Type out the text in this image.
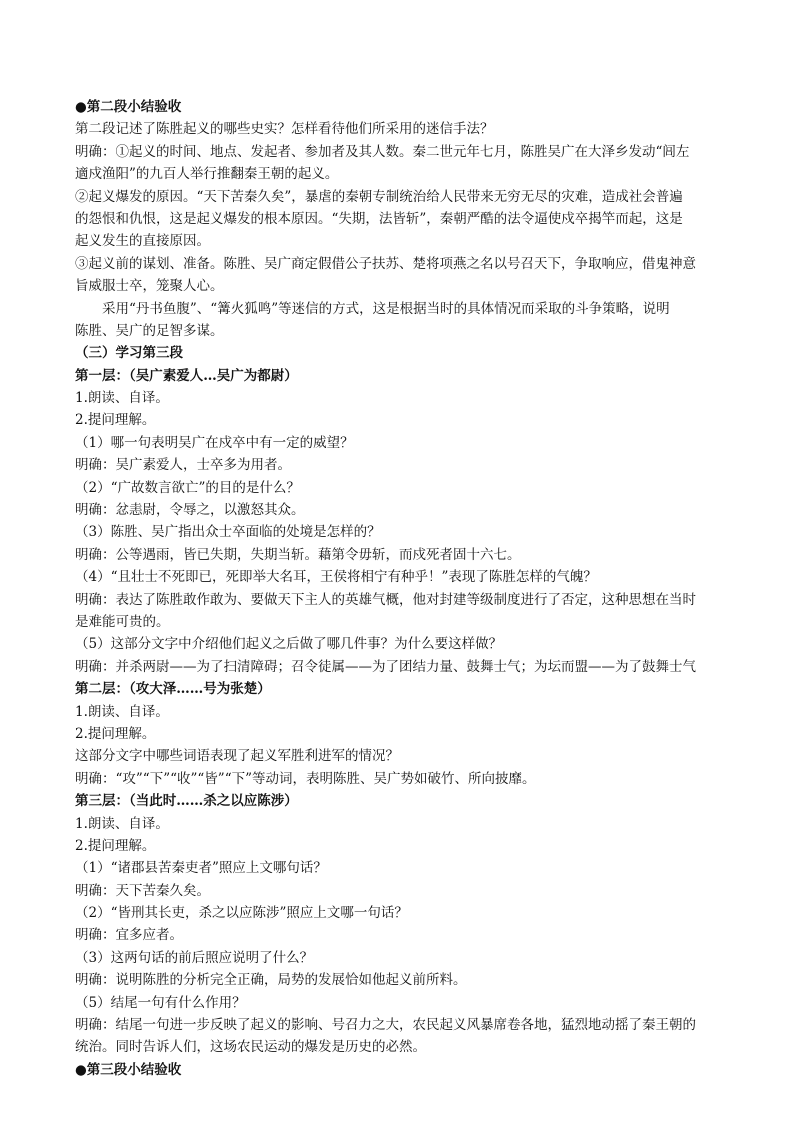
●第二段小结验收
第二段记述了陈胜起义的哪些史实？怎样看待他们所采用的迷信手法？
明确：①起义的时间、地点、发起者、参加者及其人数。秦二世元年七月，陈胜吴广在大泽乡发动“闾左
適戍渔阳”的九百人举行推翻秦王朝的起义。
②起义爆发的原因。“天下苦秦久矣”，暴虐的秦朝专制统治给人民带来无穷无尽的灾难，造成社会普遍
的怨恨和仇恨，这是起义爆发的根本原因。“失期，法皆斩”，秦朝严酷的法令逼使戍卒揭竿而起，这是
起义发生的直接原因。
③起义前的谋划、准备。陈胜、吴广商定假借公子扶苏、楚将项燕之名以号召天下，争取响应，借鬼神意
旨威服士卒，笼聚人心。
采用“丹书鱼腹”、“篝火狐鸣”等迷信的方式，这是根据当时的具体情况而采取的斗争策略，说明
陈胜、吴广的足智多谋。
（三）学习第三段
第一层：（吴广素爱人…吴广为都尉）
1.朗读、自译。
2.提问理解。
（1）哪一句表明吴广在戍卒中有一定的威望？
明确：吴广素爱人，士卒多为用者。
（2）“广故数言欲亡”的目的是什么？
明确：忿恚尉，令辱之，以激怒其众。
（3）陈胜、吴广指出众士卒面临的处境是怎样的？
明确：公等遇雨，皆已失期，失期当斩。藉第令毋斩，而戍死者固十六七。
（4）“且壮士不死即已，死即举大名耳，王侯将相宁有种乎！”表现了陈胜怎样的气魄？
明确：表达了陈胜敢作敢为、要做天下主人的英雄气概，他对封建等级制度进行了否定，这种思想在当时
是难能可贵的。
（5）这部分文字中介绍他们起义之后做了哪几件事？为什么要这样做？
明确：并杀两尉——为了扫清障碍；召令徒属——为了团结力量、鼓舞士气；为坛而盟——为了鼓舞士气
第二层：（攻大泽……号为张楚）
1.朗读、自译。
2.提问理解。
这部分文字中哪些词语表现了起义军胜利进军的情况？
明确：“攻”“下”“收”“皆”“下”等动词，表明陈胜、吴广势如破竹、所向披靡。
第三层：（当此时……杀之以应陈涉）
1.朗读、自译。
2.提问理解。
（1）“诸郡县苦秦吏者”照应上文哪句话？
明确：天下苦秦久矣。
（2）“皆刑其长吏，杀之以应陈涉”照应上文哪一句话？
明确：宜多应者。
（3）这两句话的前后照应说明了什么？
明确：说明陈胜的分析完全正确，局势的发展恰如他起义前所料。
（5）结尾一句有什么作用？
明确：结尾一句进一步反映了起义的影响、号召力之大，农民起义风暴席卷各地，猛烈地动摇了秦王朝的
统治。同时告诉人们，这场农民运动的爆发是历史的必然。
●第三段小结验收
